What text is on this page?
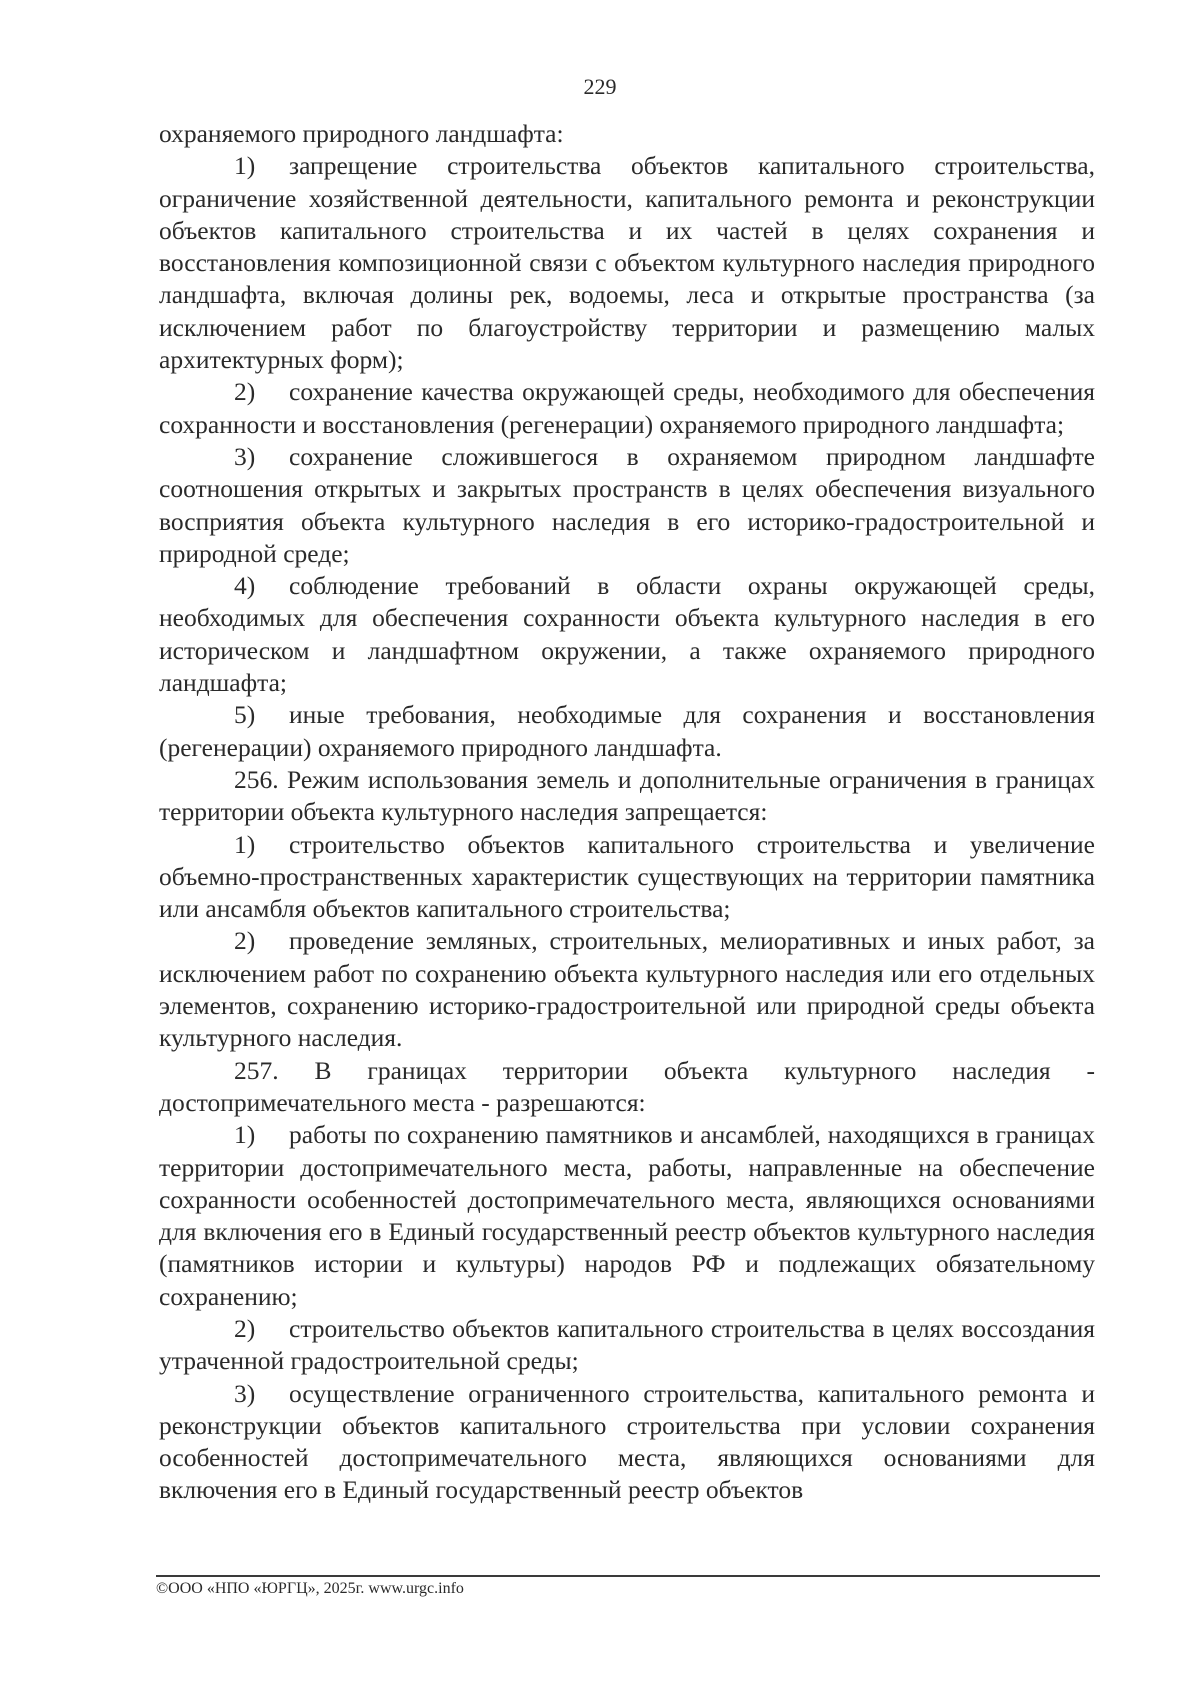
229

охраняемого природного ландшафта:

1) запрещение строительства объектов капитального строительства, ограничение хозяйственной деятельности, капитального ремонта и реконструкции объектов капитального строительства и их частей в целях сохранения и восстановления композиционной связи с объектом культурного наследия природного ландшафта, включая долины рек, водоемы, леса и открытые пространства (за исключением работ по благоустройству территории и размещению малых архитектурных форм);

2) сохранение качества окружающей среды, необходимого для обеспечения сохранности и восстановления (регенерации) охраняемого природного ландшафта;

3) сохранение сложившегося в охраняемом природном ландшафте соотношения открытых и закрытых пространств в целях обеспечения визуального восприятия объекта культурного наследия в его историко-градостроительной и природной среде;

4) соблюдение требований в области охраны окружающей среды, необходимых для обеспечения сохранности объекта культурного наследия в его историческом и ландшафтном окружении, а также охраняемого природного ландшафта;

5) иные требования, необходимые для сохранения и восстановления (регенерации) охраняемого природного ландшафта.

256. Режим использования земель и дополнительные ограничения в границах территории объекта культурного наследия запрещается:

1) строительство объектов капитального строительства и увеличение объемно-пространственных характеристик существующих на территории памятника или ансамбля объектов капитального строительства;

2) проведение земляных, строительных, мелиоративных и иных работ, за исключением работ по сохранению объекта культурного наследия или его отдельных элементов, сохранению историко-градостроительной или природной среды объекта культурного наследия.

257. В границах территории объекта культурного наследия - достопримечательного места - разрешаются:

1) работы по сохранению памятников и ансамблей, находящихся в границах территории достопримечательного места, работы, направленные на обеспечение сохранности особенностей достопримечательного места, являющихся основаниями для включения его в Единый государственный реестр объектов культурного наследия (памятников истории и культуры) народов РФ и подлежащих обязательному сохранению;

2) строительство объектов капитального строительства в целях воссоздания утраченной градостроительной среды;

3) осуществление ограниченного строительства, капитального ремонта и реконструкции объектов капитального строительства при условии сохранения особенностей достопримечательного места, являющихся основаниями для включения его в Единый государственный реестр объектов

©ООО «НПО «ЮРГЦ», 2025г. www.urgc.info
